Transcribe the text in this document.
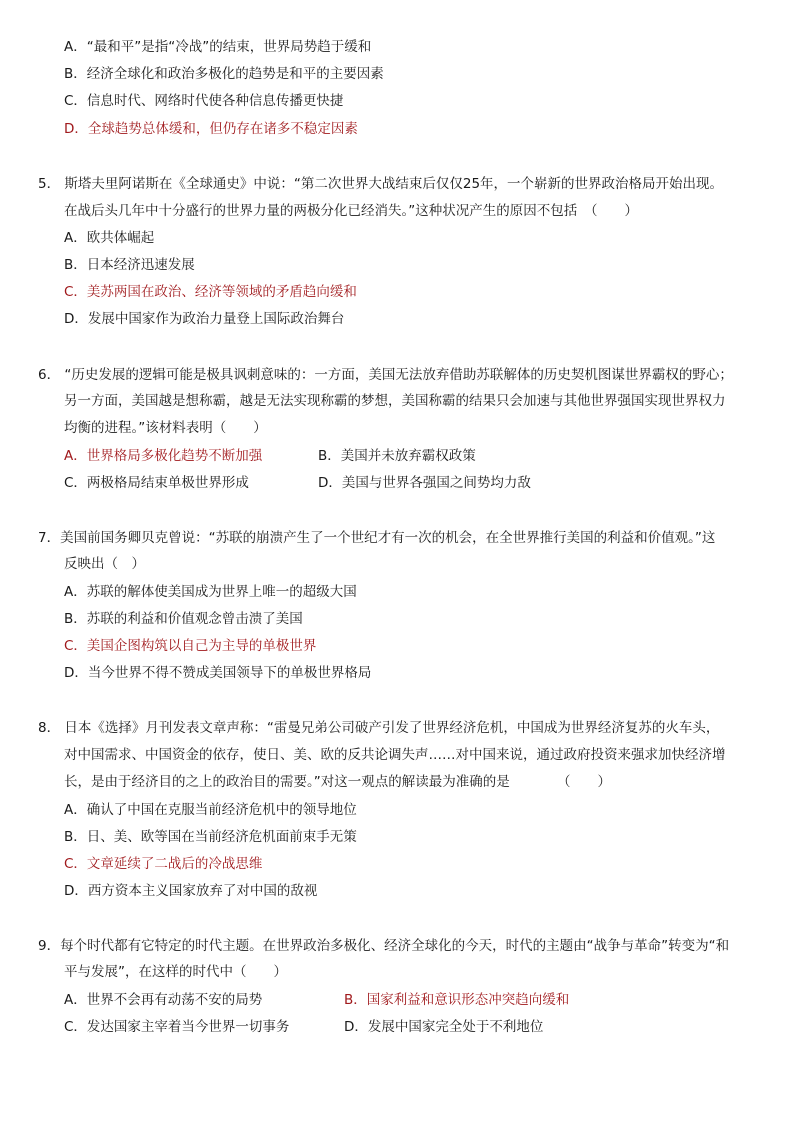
A．“最和平”是指“冷战”的结束，世界局势趋于缓和
B．经济全球化和政治多极化的趋势是和平的主要因素
C．信息时代、网络时代使各种信息传播更快捷
D．全球趋势总体缓和，但仍存在诸多不稳定因素
5． 斯塔夫里阿诺斯在《全球通史》中说：“第二次世界大战结束后仅仅25年，一个崭新的世界政治格局开始出现。
在战后头几年中十分盛行的世界力量的两极分化已经消失。”这种状况产生的原因不包括　（　　）
A．欧共体崛起
B．日本经济迅速发展
C．美苏两国在政治、经济等领域的矛盾趋向缓和
D．发展中国家作为政治力量登上国际政治舞台
6． “历史发展的逻辑可能是极具讽刺意味的：一方面，美国无法放弃借助苏联解体的历史契机图谋世界霸权的野心；
另一方面，美国越是想称霸，越是无法实现称霸的梦想，美国称霸的结果只会加速与其他世界强国实现世界权力
均衡的进程。”该材料表明（　　）
A．世界格局多极化趋势不断加强	B．美国并未放弃霸权政策
C．两极格局结束单极世界形成	D．美国与世界各强国之间势均力敌
7．美国前国务卿贝克曾说：“苏联的崩溃产生了一个世纪才有一次的机会，在全世界推行美国的利益和价值观。”这
反映出（　）
A．苏联的解体使美国成为世界上唯一的超级大国
B．苏联的利益和价值观念曾击溃了美国
C．美国企图构筑以自己为主导的单极世界
D．当今世界不得不赞成美国领导下的单极世界格局
8． 日本《选择》月刊发表文章声称：“雷曼兄弟公司破产引发了世界经济危机，中国成为世界经济复苏的火车头，
对中国需求、中国资金的依存，使日、美、欧的反共论调失声……对中国来说，通过政府投资来强求加快经济增
长，是由于经济目的之上的政治目的需要。”对这一观点的解读最为准确的是　　　　（　　）
A．确认了中国在克服当前经济危机中的领导地位
B．日、美、欧等国在当前经济危机面前束手无策
C．文章延续了二战后的冷战思维
D．西方资本主义国家放弃了对中国的敌视
9．每个时代都有它特定的时代主题。在世界政治多极化、经济全球化的今天，时代的主题由“战争与革命”转变为“和
平与发展”，在这样的时代中（　　）
A．世界不会再有动荡不安的局势	B．国家利益和意识形态冲突趋向缓和
C．发达国家主宰着当今世界一切事务	D．发展中国家完全处于不利地位
